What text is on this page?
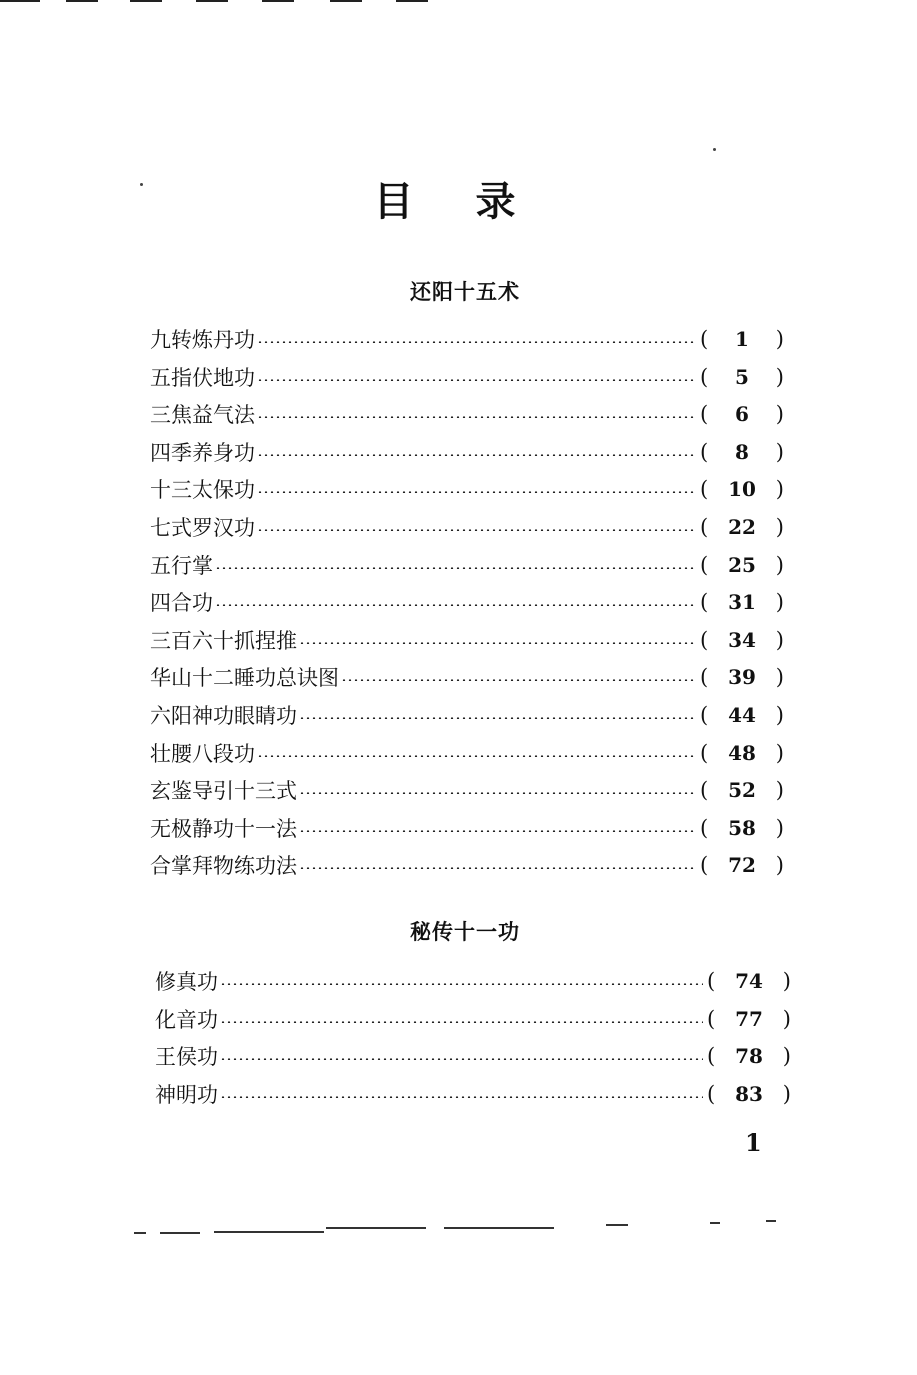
目录
还阳十五术
九转炼丹功	(	1	)
五指伏地功	(	5	)
三焦益气法	(	6	)
四季养身功	(	8	)
十三太保功	( 10 )
七式罗汉功	( 22 )
五行掌	( 25 )
四合功	( 31 )
三百六十抓捏推	( 34 )
华山十二睡功总诀图	( 39 )
六阳神功眼睛功	( 44 )
壮腰八段功	( 48 )
玄鉴导引十三式	( 52 )
无极静功十一法	( 58 )
合掌拜物练功法	( 72 )
秘传十一功
修真功	( 74 )
化音功	( 77 )
王侯功	( 78 )
神明功	( 83 )
1
